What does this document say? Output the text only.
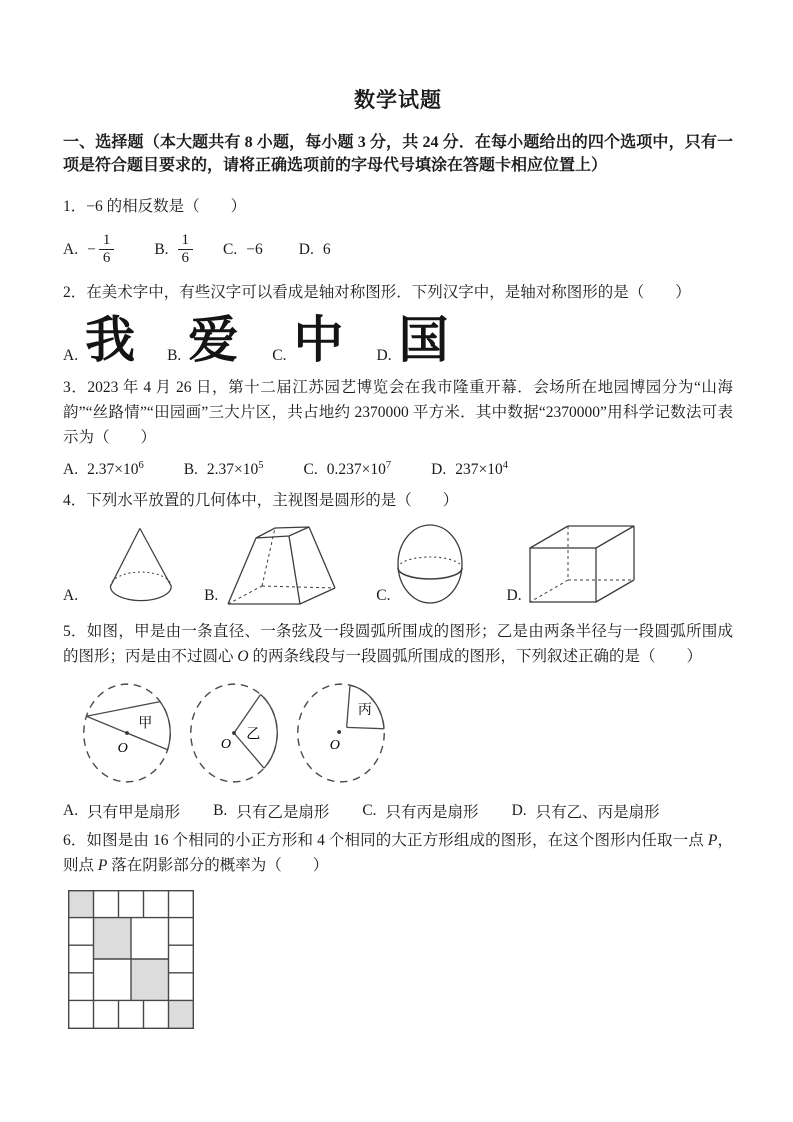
数学试题
一、选择题（本大题共有 8 小题，每小题 3 分，共 24 分．在每小题给出的四个选项中，只有一项是符合题目要求的，请将正确选项前的字母代号填涂在答题卡相应位置上）

1．−6 的相反数是（　　）

A. − $\frac{1}{6}$	B. $\frac{1}{6} C$. −6 D. 6

2．在美术字中，有些汉字可以看成是轴对称图形．下列汉字中，是轴对称图形的是（　　）

A. 我 B. 爱 C. 中 D. 国

3．2023 年 4 月 26 日，第十二届江苏园艺博览会在我市隆重开幕．会场所在地园博园分为“山海韵”“丝路情”“田园画”三大片区，共占地约 2370000 平方米．其中数据“2370000”用科学记数法可表示为（　　）

A. $2.37\times 10^6$	B. $2.37\times 10^5$	C. $0.237\times 10^7$	D. $237\times 10^4$

4．下列水平放置的几何体中，主视图是圆形的是（　　）

A.	B.	C.	D.

5．如图，甲是由一条直径、一条弦及一段圆弧所围成的图形；乙是由两条半径与一段圆弧所围成的图形；丙是由不过圆心 O 的两条线段与一段圆弧所围成的图形，下列叙述正确的是（　　）

O
甲
O
乙
O
丙
A. 只有甲是扇形 B. 只有乙是扇形 C. 只有丙是扇形 D. 只有乙、丙是扇形

6．如图是由 16 个相同的小正方形和 4 个相同的大正方形组成的图形，在这个图形内任取一点 P，则点 P 落在阴影部分的概率为（　　）
